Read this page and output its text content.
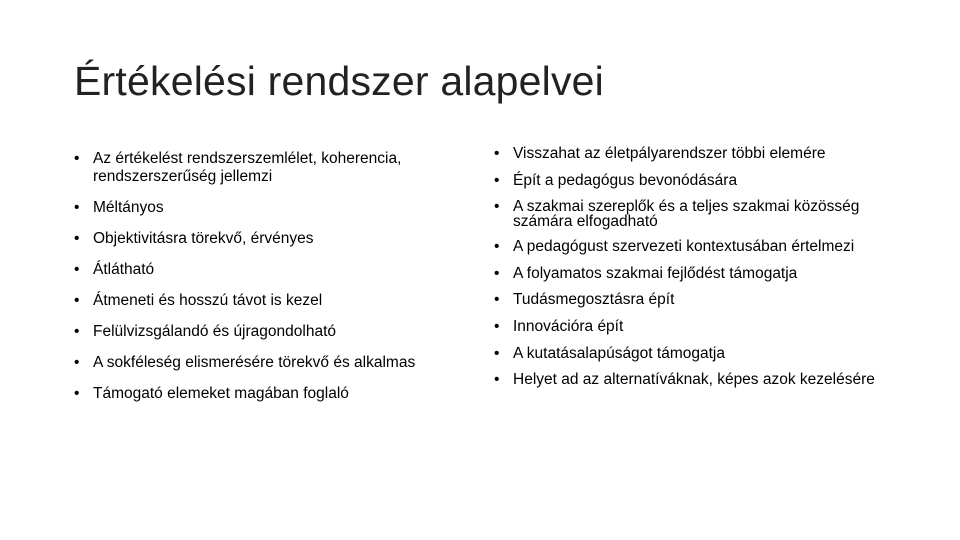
Értékelési rendszer alapelvei
• Az értékelést rendszerszemlélet, koherencia, rendszerszerűség jellemzi
• Méltányos
• Objektivitásra törekvő, érvényes
• Átlátható
• Átmeneti és hosszú távot is kezel
• Felülvizsgálandó és újragondolható
• A sokféleség elismerésére törekvő és alkalmas
• Támogató elemeket magában foglaló
• Visszahat az életpályarendszer többi elemére
• Épít a pedagógus bevonódására
• A szakmai szereplők és a teljes szakmai közösség számára elfogadható
• A pedagógust szervezeti kontextusában értelmezi
• A folyamatos szakmai fejlődést támogatja
• Tudásmegosztásra épít
• Innovációra épít
• A kutatásalapúságot támogatja
• Helyet ad az alternatíváknak, képes azok kezelésére
